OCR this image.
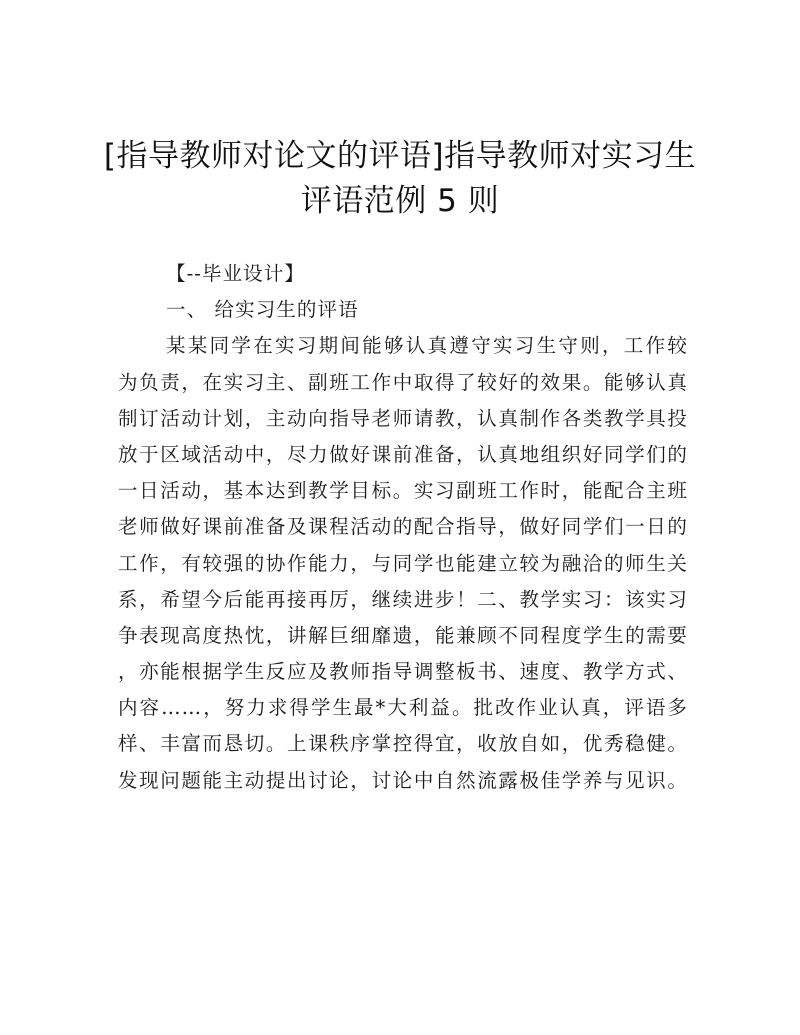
[指导教师对论文的评语]指导教师对实习生
评语范例 5 则
【--毕业设计】
一、 给实习生的评语
某某同学在实习期间能够认真遵守实习生守则，工作较
为负责，在实习主、副班工作中取得了较好的效果。能够认真
制订活动计划，主动向指导老师请教，认真制作各类教学具投
放于区域活动中，尽力做好课前准备，认真地组织好同学们的
一日活动，基本达到教学目标。实习副班工作时，能配合主班
老师做好课前准备及课程活动的配合指导，做好同学们一日的
工作，有较强的协作能力，与同学也能建立较为融洽的师生关
系，希望今后能再接再厉，继续进步！二、教学实习：该实习
争表现高度热忱，讲解巨细靡遗，能兼顾不同程度学生的需要
，亦能根据学生反应及教师指导调整板书、速度、教学方式、
内容……，努力求得学生最*大利益。批改作业认真，评语多
样、丰富而恳切。上课秩序掌控得宜，收放自如，优秀稳健。
发现问题能主动提出讨论，讨论中自然流露极佳学养与见识。
